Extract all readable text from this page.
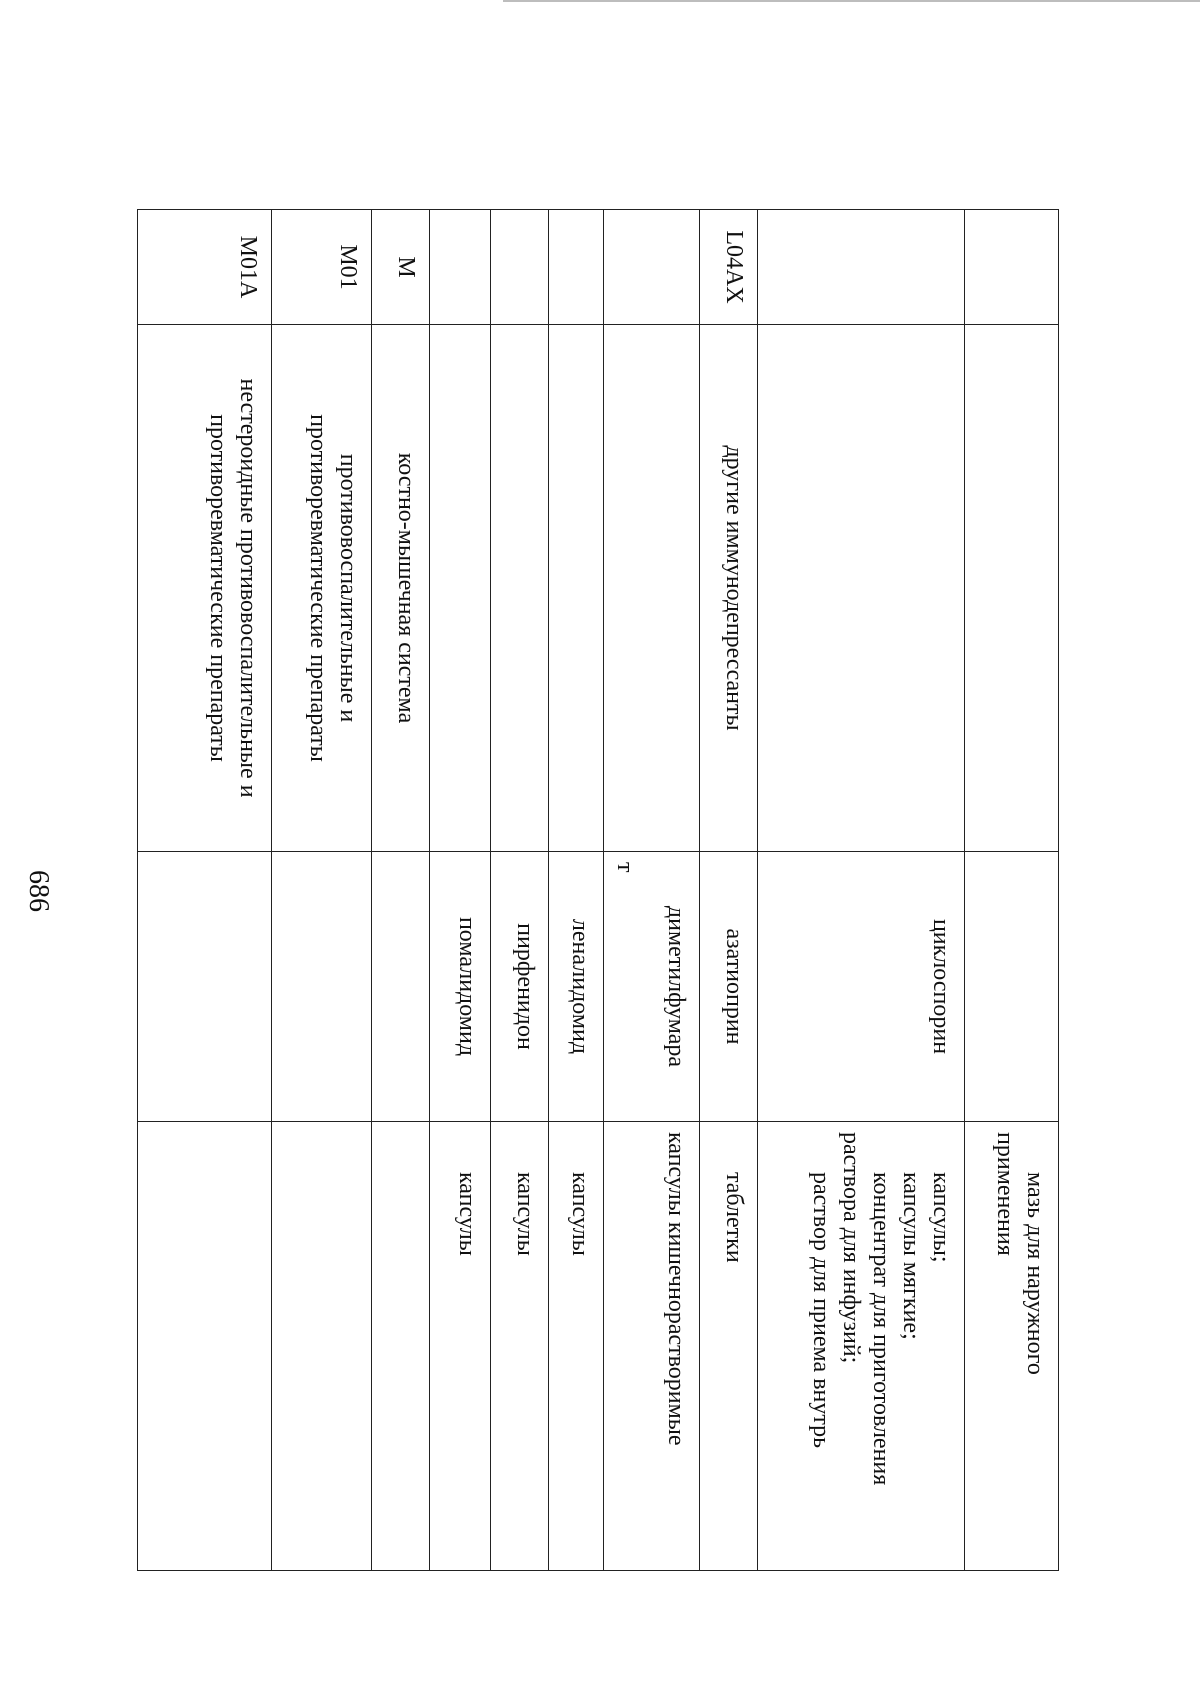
686

			мазь для наружного
применения

		циклоспорин	капсулы;
капсулы мягкие;
концентрат для приготовления
раствора для инфузий;
раствор для приема внутрь

L04AX	другие иммунодепрессанты	азатиоприн	таблетки

		диметилфумара
т	капсулы кишечнорастворимые

		леналидомид	капсулы

		пирфенидон	капсулы

		помалидомид	капсулы

M	костно-мышечная система		
M01	противовоспалительные и противоревматические препараты		
M01A	нестероидные противовоспалительные и противоревматические препараты		
